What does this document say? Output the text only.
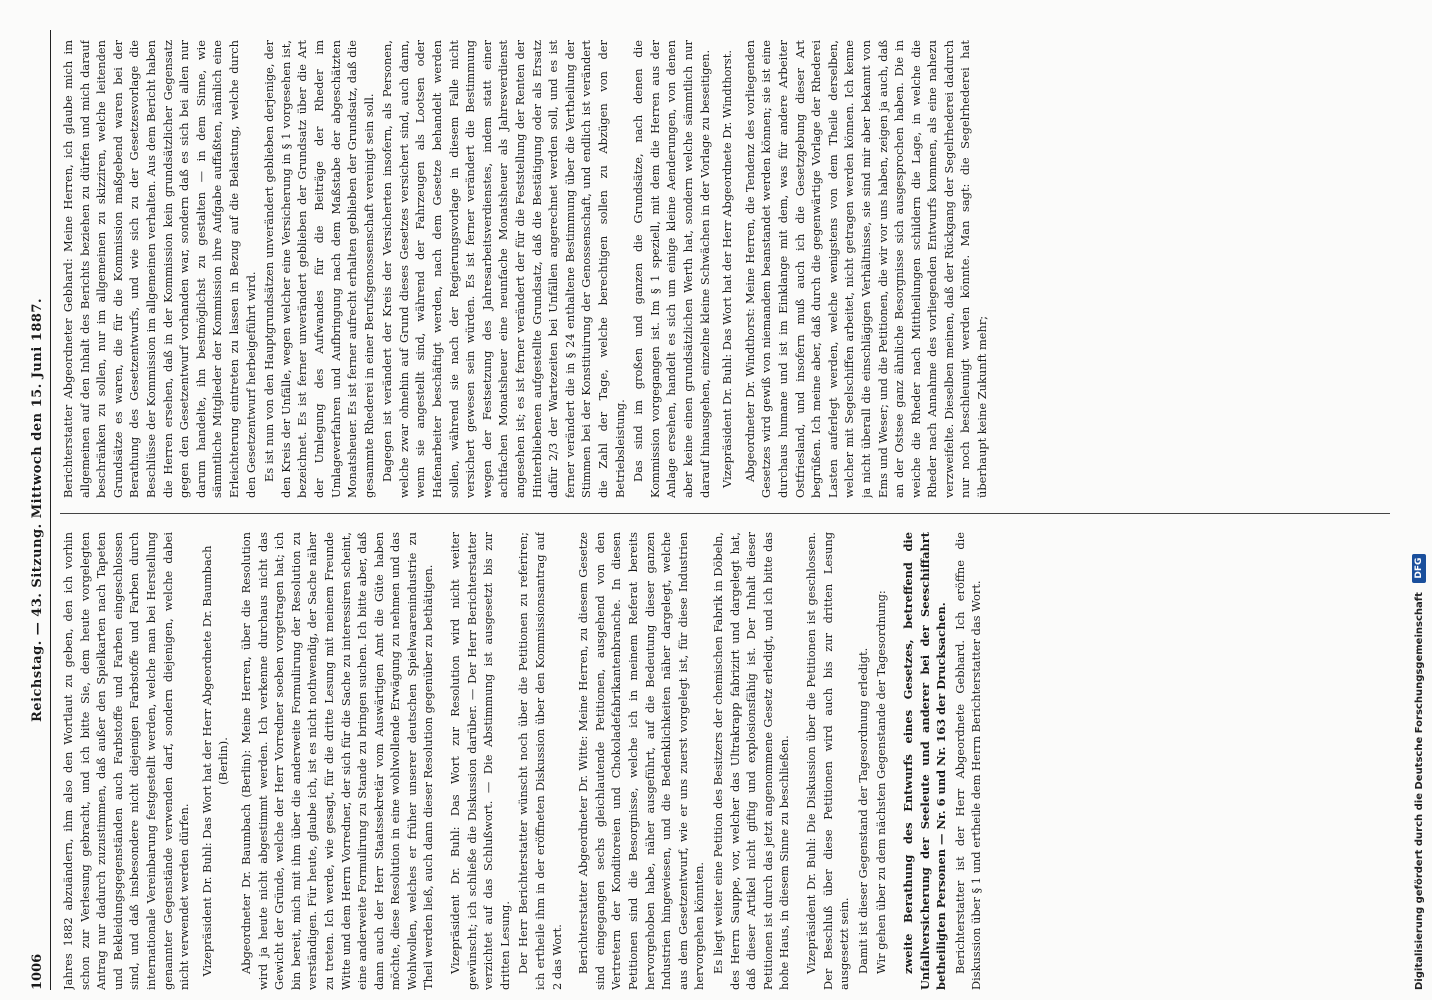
1006
Reichstag. — 43. Sitzung. Mittwoch den 15. Juni 1887.

Jahres 1882 abzuändern, ihm also den Wortlaut zu geben, den ich vorhin schon zur Verlesung gebracht, und ich bitte Sie, dem heute vorgelegten Antrag nur dadurch zuzustimmen, daß außer den Spielkarten nach Tapeten und Bekleidungsgegenständen auch Farbstoffe und Farben eingeschlossen sind, und daß insbesondere nicht diejenigen Farbstoffe und Farben durch internationale Vereinbarung festgestellt werden, welche man bei Herstellung genannter Gegenstände verwenden darf, sondern diejenigen, welche dabei nicht verwendet werden dürfen. Vizepräsident Dr. Buhl: Das Wort hat der Herr Abgeordnete Dr. Baumbach (Berlin). Abgeordneter Dr. Baumbach (Berlin): Meine Herren, über die Resolution wird ja heute nicht abgestimmt werden. Ich verkenne durchaus nicht das Gewicht der Gründe, welche der Herr Vorredner soeben vorgetragen hat; ich bin bereit, mich mit ihm über die anderweite Formulirung der Resolution zu verständigen. Für heute, glaube ich, ist es nicht nothwendig, der Sache näher zu treten. Ich werde, wie gesagt, für die dritte Lesung mit meinem Freunde Witte und dem Herrn Vorredner, der sich für die Sache zu interessiren scheint, eine anderweite Formulirung zu Stande zu bringen suchen. Ich bitte aber, daß dann auch der Herr Staatssekretär vom Auswärtigen Amt die Güte haben möchte, diese Resolution in eine wohlwollende Erwägung zu nehmen und das Wohlwollen, welches er früher unserer deutschen Spielwaarenindustrie zu Theil werden ließ, auch dann dieser Resolution gegenüber zu bethätigen. Vizepräsident Dr. Buhl: Das Wort zur Resolution wird nicht weiter gewünscht; ich schließe die Diskussion darüber. — Der Herr Berichterstatter verzichtet auf das Schlußwort. — Die Abstimmung ist ausgesetzt bis zur dritten Lesung. Der Herr Berichterstatter wünscht noch über die Petitionen zu referiren; ich ertheile ihm in der eröffneten Diskussion über den Kommissionsantrag auf 2 das Wort. Berichterstatter Abgeordneter Dr. Witte: Meine Herren, zu diesem Gesetze sind eingegangen sechs gleichlautende Petitionen, ausgehend von den Vertretern der Konditoreien und Chokoladefabrikantenbranche. In diesen Petitionen sind die Besorgnisse, welche ich in meinem Referat bereits hervorgehoben habe, näher ausgeführt, auf die Bedeutung dieser ganzen Industrien hingewiesen, und die Bedenklichkeiten näher dargelegt, welche aus dem Gesetzentwurf, wie er uns zuerst vorgelegt ist, für diese Industrien hervorgehen könnten. Es liegt weiter eine Petition des Besitzers der chemischen Fabrik in Döbeln, des Herrn Sauppe, vor, welcher das Ultrakrapp fabrizirt und dargelegt hat, daß dieser Artikel nicht giftig und explosionsfähig ist. Der Inhalt dieser Petitionen ist durch das jetzt angenommene Gesetz erledigt, und ich bitte das hohe Haus, in diesem Sinne zu beschließen. Vizepräsident Dr. Buhl: Die Diskussion über die Petitionen ist geschlossen. Der Beschluß über diese Petitionen wird auch bis zur dritten Lesung ausgesetzt sein. Damit ist dieser Gegenstand der Tagesordnung erledigt. Wir gehen über zu dem nächsten Gegenstande der Tagesordnung: zweite Berathung des Entwurfs eines Gesetzes, betreffend die Unfallversicherung der Seeleute und anderer bei der Seeschiffahrt betheiligten Personen — Nr. 6 und Nr. 163 der Drucksachen. Berichterstatter ist der Herr Abgeordnete Gebhard. Ich eröffne die Diskussion über § 1 und ertheile dem Herrn Berichterstatter das Wort.

Berichterstatter Abgeordneter Gebhard: Meine Herren, ich glaube mich im allgemeinen auf den Inhalt des Berichts beziehen zu dürfen und mich darauf beschränken zu sollen, nur im allgemeinen zu skizziren, welche leitenden Grundsätze es waren, die für die Kommission maßgebend waren bei der Berathung des Gesetzentwurfs, und wie sich zu der Gesetzesvorlage die Beschlüsse der Kommission im allgemeinen verhalten. Aus dem Bericht haben die Herren ersehen, daß in der Kommission kein grundsätzlicher Gegensatz gegen den Gesetzentwurf vorhanden war, sondern daß es sich bei allen nur darum handelte, ihn bestmöglichst zu gestalten — in dem Sinne, wie sämmtliche Mitglieder der Kommission ihre Aufgabe auffaßten, nämlich eine Erleichterung eintreten zu lassen in Bezug auf die Belastung, welche durch den Gesetzentwurf herbeigeführt wird. Es ist nun von den Hauptgrundsätzen unverändert geblieben derjenige, der den Kreis der Unfälle, wegen welcher eine Versicherung in § 1 vorgesehen ist, bezeichnet. Es ist ferner unverändert geblieben der Grundsatz über die Art der Umlegung des Aufwandes für die Beiträge der Rheder im Umlageverfahren und Aufbringung nach dem Maßstabe der abgeschätzten Monatsheuer. Es ist ferner aufrecht erhalten geblieben der Grundsatz, daß die gesammte Rhederei in einer Berufsgenossenschaft vereinigt sein soll. Dagegen ist verändert der Kreis der Versicherten insofern, als Personen, welche zwar ohnehin auf Grund dieses Gesetzes versichert sind, auch dann, wenn sie angestellt sind, während der Fahrzeugen als Lootsen oder Hafenarbeiter beschäftigt werden, nach dem Gesetze behandelt werden sollen, während sie nach der Regierungsvorlage in diesem Falle nicht versichert gewesen sein würden. Es ist ferner verändert die Bestimmung wegen der Festsetzung des Jahresarbeitsverdienstes, indem statt einer achtfachen Monatsheuer eine neunfache Monatsheuer als Jahresverdienst angesehen ist; es ist ferner verändert der für die Feststellung der Renten der Hinterbliebenen aufgestellte Grundsatz, daß die Bestätigung oder als Ersatz dafür 2/3 der Wartezeiten bei Unfällen angerechnet werden soll, und es ist ferner verändert die in § 24 enthaltene Bestimmung über die Vertheilung der Stimmen bei der Konstituirung der Genossenschaft, und endlich ist verändert die Zahl der Tage, welche berechtigen sollen zu Abzügen von der Betriebsleistung. Das sind im großen und ganzen die Grundsätze, nach denen die Kommission vorgegangen ist. Im § 1 speziell, mit dem die Herren aus der Anlage ersehen, handelt es sich um einige kleine Aenderungen, von denen aber keine einen grundsätzlichen Werth hat, sondern welche sämmtlich nur darauf hinausgehen, einzelne kleine Schwächen in der Vorlage zu beseitigen. Vizepräsident Dr. Buhl: Das Wort hat der Herr Abgeordnete Dr. Windthorst. Abgeordneter Dr. Windthorst: Meine Herren, die Tendenz des vorliegenden Gesetzes wird gewiß von niemandem beanstandet werden können; sie ist eine durchaus humane und ist im Einklange mit dem, was für andere Arbeiter Ostfriesland, und insofern muß auch ich die Gesetzgebung dieser Art begrüßen. Ich meine aber, daß durch die gegenwärtige Vorlage der Rhederei Lasten auferlegt werden, welche wenigstens von dem Theile derselben, welcher mit Segelschiffen arbeitet, nicht getragen werden können. Ich kenne ja nicht überall die einschlägigen Verhältnisse, sie sind mir aber bekannt von Ems und Weser; und die Petitionen, die wir vor uns haben, zeigen ja auch, daß an der Ostsee ganz ähnliche Besorgnisse sich ausgesprochen haben. Die in weiche die Rheder nach Mittheilungen schildern die Lage, in welche die Rheder nach Annahme des vorliegenden Entwurfs kommen, als eine nahezu verzweifelte. Dieselben meinen, daß der Rückgang der Segelrhederei dadurch nur noch beschleunigt werden könnte. Man sagt: die Segelrhederei hat überhaupt keine Zukunft mehr;

Digitalisierung gefördert durch die Deutsche Forschungsgemeinschaft DFG
